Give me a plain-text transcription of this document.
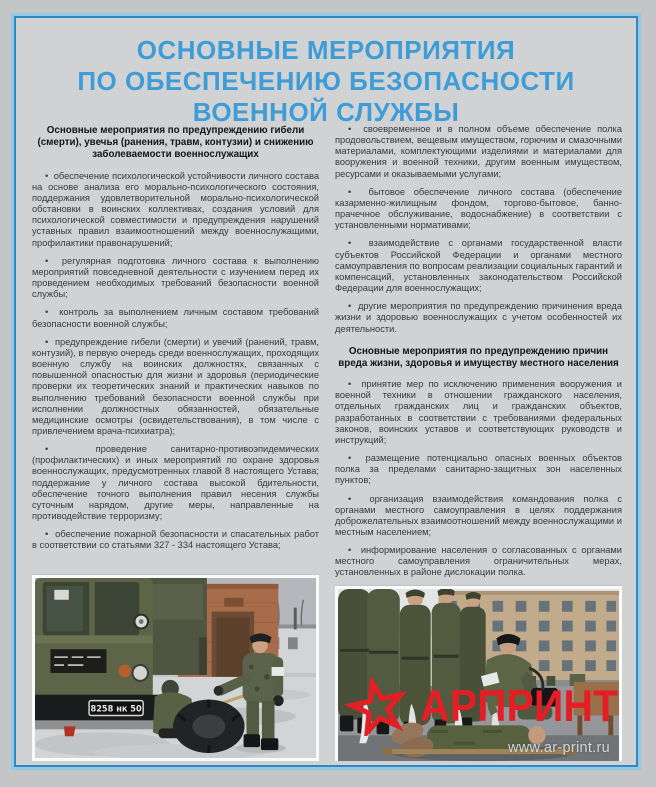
ОСНОВНЫЕ МЕРОПРИЯТИЯ
ПО ОБЕСПЕЧЕНИЮ БЕЗОПАСНОСТИ
ВОЕННОЙ СЛУЖБЫ
Основные мероприятия по предупреждению гибели (смерти), увечья (ранения, травм, контузии) и снижению заболеваемости военнослужащих

•  обеспечение психологической устойчивости личного состава на основе анализа его морально-психологического состояния, поддержания удовлетворительной морально-психологической обстановки в воинских коллективах, создания условий для психологической совместимости и предупреждения нарушений уставных правил взаимоотношений между военнослужащими, профилактики правонарушений;

•  регулярная подготовка личного состава к выполнению мероприятий повседневной деятельности с изучением перед их проведением необходимых требований безопасности военной службы;

•  контроль за выполнением личным составом требований безопасности военной службы;

•  предупреждение гибели (смерти) и увечий (ранений, травм, контузий), в первую очередь среди военнослужащих, проходящих военную службу на воинских должностях, связанных с повышенной опасностью для жизни и здоровья (периодические проверки их теоретических знаний и практических навыков по выполнению требований безопасности военной службы при исполнении должностных обязанностей, обязательные медицинские осмотры (освидетельствования), в том числе с привлечением врача-психиатра);

•  проведение санитарно-противоэпидемических (профилактических) и иных мероприятий по охране здоровья военнослужащих, предусмотренных главой 8 настоящего Устава; поддержание у личного состава высокой бдительности, обеспечение точного выполнения правил несения службы суточным нарядом, другие меры, направленные на противодействие терроризму;

•  обеспечение пожарной безопасности и спасательных работ в соответствии со статьями 327 - 334 настоящего Устава;

8258 нк 50

•  своевременное и в полном объеме обеспечение полка продовольствием, вещевым имуществом, горючим и смазочными материалами, комплектующими изделиями и материалами для вооружения и военной техники, другим военным имуществом, ресурсами и оказываемыми услугами;

•  бытовое обеспечение личного состава (обеспечение казарменно-жилищным фондом, торгово-бытовое, банно-прачечное обслуживание, водоснабжение) в соответствии с установленными нормативами;

•  взаимодействие с органами государственной власти субъектов Российской Федерации и органами местного самоуправления по вопросам реализации социальных гарантий и компенсаций, установленных законодательством Российской Федерации для военнослужащих;

•  другие мероприятия по предупреждению причинения вреда жизни и здоровью военнослужащих с учетом особенностей их деятельности.

Основные мероприятия по предупреждению причин вреда жизни, здоровья и имуществу местного населения

•  принятие мер по исключению применения вооружения и военной техники в отношении гражданского населения, отдельных гражданских лиц и гражданских объектов, разработанных в соответствии с требованиями федеральных законов, воинских уставов и соответствующих руководств и инструкций;

•  размещение потенциально опасных военных объектов полка за пределами санитарно-защитных зон населенных пунктов;

•  организация взаимодействия командования полка с органами местного самоуправления в целях поддержания доброжелательных взаимоотношений между военнослужащими и местным населением;

•  информирование населения о согласованных с органами местного самоуправления ограничительных мерах, установленных в районе дислокации полка.

АРПРИНТ
www.ar-print.ru
